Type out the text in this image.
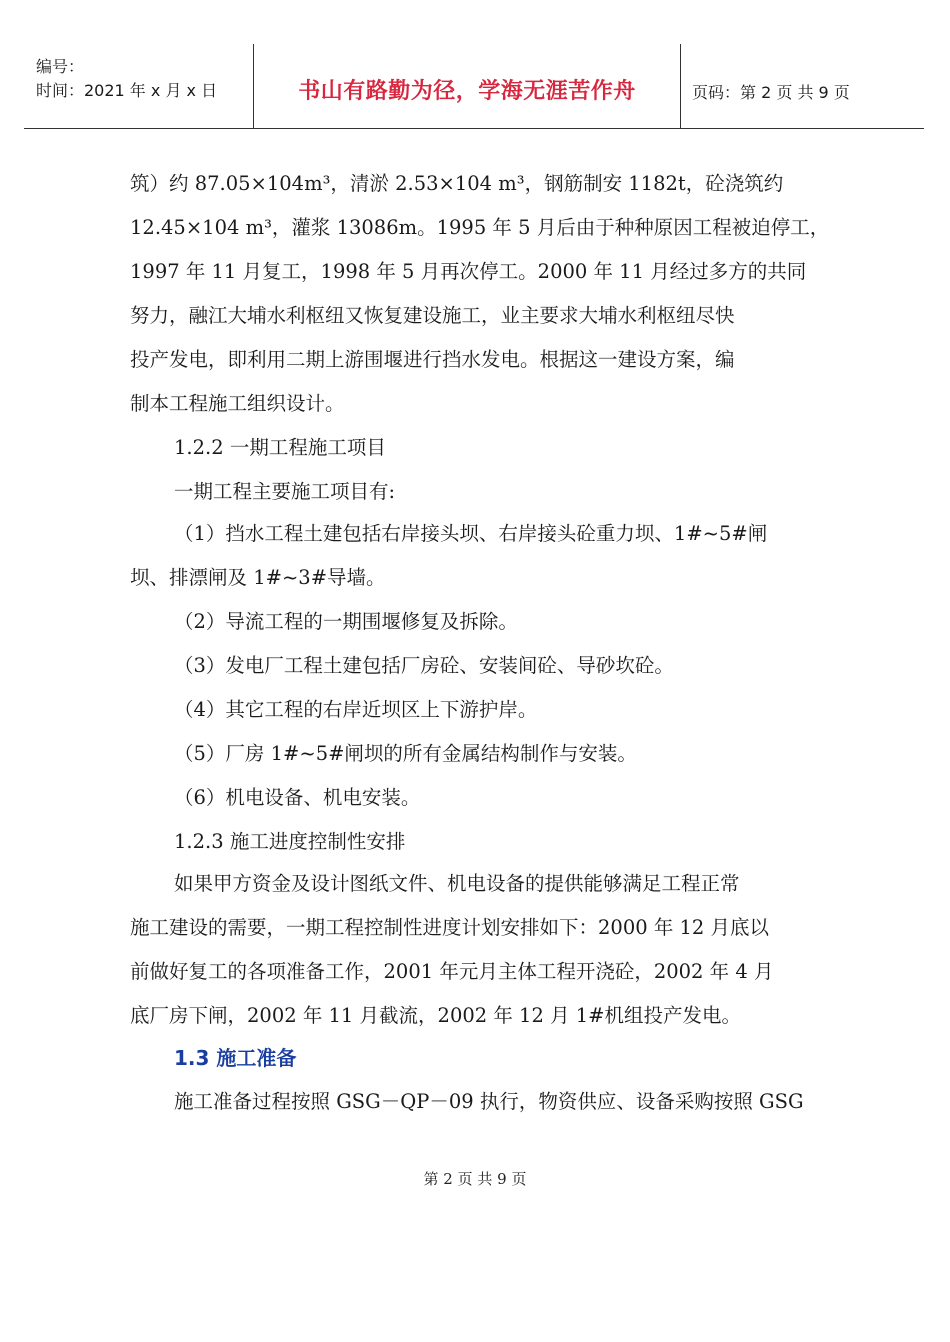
编号：
时间：2021 年 x 月 x 日	书山有路勤为径，学海无涯苦作舟	页码：第 2 页 共 9 页
筑）约 87.05×104m³，清淤 2.53×104 m³，钢筋制安 1182t，砼浇筑约
12.45×104 m³，灌浆 13086m。1995 年 5 月后由于种种原因工程被迫停工，
1997 年 11 月复工，1998 年 5 月再次停工。2000 年 11 月经过多方的共同
努力，融江大埔水利枢纽又恢复建设施工，业主要求大埔水利枢纽尽快
投产发电，即利用二期上游围堰进行挡水发电。根据这一建设方案，编
制本工程施工组织设计。
1.2.2 一期工程施工项目
一期工程主要施工项目有:
（1）挡水工程土建包括右岸接头坝、右岸接头砼重力坝、1#~5#闸
坝、排漂闸及 1#~3#导墙。
（2）导流工程的一期围堰修复及拆除。
（3）发电厂工程土建包括厂房砼、安装间砼、导砂坎砼。
（4）其它工程的右岸近坝区上下游护岸。
（5）厂房 1#~5#闸坝的所有金属结构制作与安装。
（6）机电设备、机电安装。
1.2.3 施工进度控制性安排
如果甲方资金及设计图纸文件、机电设备的提供能够满足工程正常
施工建设的需要，一期工程控制性进度计划安排如下：2000 年 12 月底以
前做好复工的各项准备工作，2001 年元月主体工程开浇砼，2002 年 4 月
底厂房下闸，2002 年 11 月截流，2002 年 12 月 1#机组投产发电。
1.3 施工准备
施工准备过程按照 GSG－QP－09 执行，物资供应、设备采购按照 GSG
第 2 页 共 9 页
